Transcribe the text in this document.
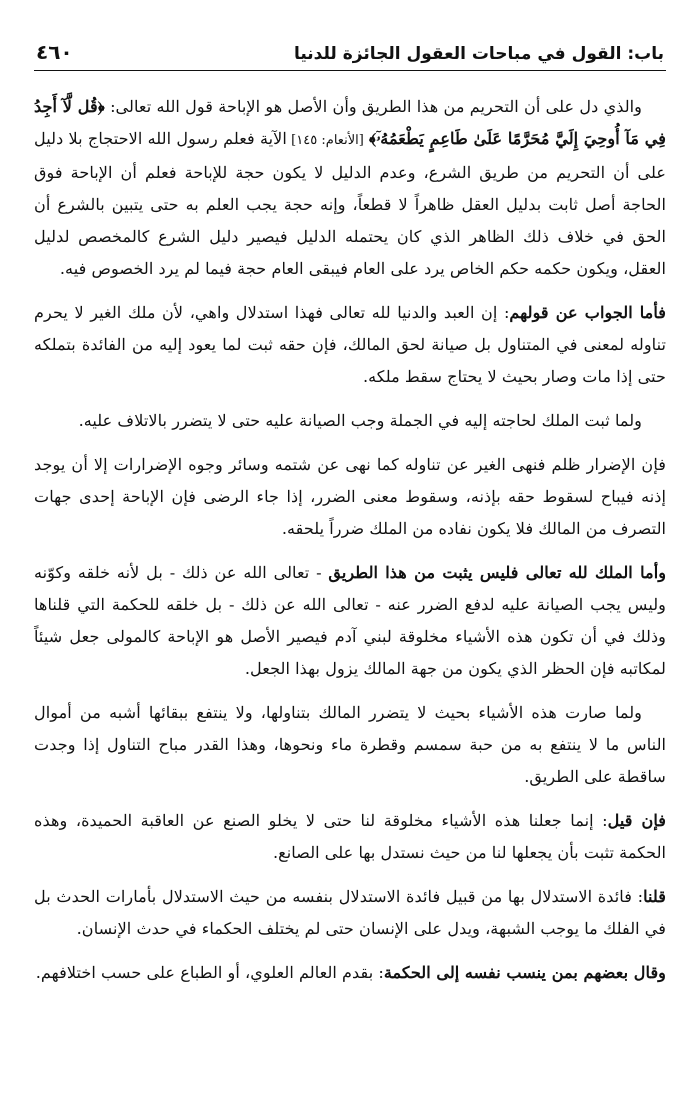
باب: القول في مباحات العقول الجائزة للدنيا
٤٦٠

والذي دل على أن التحريم من هذا الطريق وأن الأصل هو الإباحة قول الله تعالى: ﴿قُل لَّآ أَجِدُ فِي مَآ أُوحِيَ إِلَيَّ مُحَرَّمًا عَلَىٰ طَاعِمٍ يَطْعَمُهُۥٓ﴾ [الأنعام: ١٤٥] الآية فعلم رسول الله الاحتجاج بلا دليل على أن التحريم من طريق الشرع، وعدم الدليل لا يكون حجة للإباحة فعلم أن الإباحة فوق الحاجة أصل ثابت بدليل العقل ظاهراً لا قطعاً، وإنه حجة يجب العلم به حتى يتبين بالشرع أن الحق في خلاف ذلك الظاهر الذي كان يحتمله الدليل فيصير دليل الشرع كالمخصص لدليل العقل، ويكون حكمه حكم الخاص يرد على العام فيبقى العام حجة فيما لم يرد الخصوص فيه.

فأما الجواب عن قولهم: إن العبد والدنيا لله تعالى فهذا استدلال واهي، لأن ملك الغير لا يحرم تناوله لمعنى في المتناول بل صيانة لحق المالك، فإن حقه ثبت لما يعود إليه من الفائدة بتملكه حتى إذا مات وصار بحيث لا يحتاج سقط ملكه.

ولما ثبت الملك لحاجته إليه في الجملة وجب الصيانة عليه حتى لا يتضرر بالاتلاف عليه.

فإن الإضرار ظلم فنهى الغير عن تناوله كما نهى عن شتمه وسائر وجوه الإضرارات إلا أن يوجد إذنه فيباح لسقوط حقه بإذنه، وسقوط معنى الضرر، إذا جاء الرضى فإن الإباحة إحدى جهات التصرف من المالك فلا يكون نفاده من الملك ضرراً يلحقه.

وأما الملك لله تعالى فليس يثبت من هذا الطريق - تعالى الله عن ذلك - بل لأنه خلقه وكوّنه وليس يجب الصيانة عليه لدفع الضرر عنه - تعالى الله عن ذلك - بل خلقه للحكمة التي قلناها وذلك في أن تكون هذه الأشياء مخلوقة لبني آدم فيصير الأصل هو الإباحة كالمولى جعل شيئاً لمكاتبه فإن الحظر الذي يكون من جهة المالك يزول بهذا الجعل.

ولما صارت هذه الأشياء بحيث لا يتضرر المالك بتناولها، ولا ينتفع ببقائها أشبه من أموال الناس ما لا ينتفع به من حبة سمسم وقطرة ماء ونحوها، وهذا القدر مباح التناول إذا وجدت ساقطة على الطريق.

فإن قيل: إنما جعلنا هذه الأشياء مخلوقة لنا حتى لا يخلو الصنع عن العاقبة الحميدة، وهذه الحكمة تثبت بأن يجعلها لنا من حيث نستدل بها على الصانع.

قلنا: فائدة الاستدلال بها من قبيل فائدة الاستدلال بنفسه من حيث الاستدلال بأمارات الحدث بل في الفلك ما يوجب الشبهة، ويدل على الإنسان حتى لم يختلف الحكماء في حدث الإنسان.

وقال بعضهم بمن ينسب نفسه إلى الحكمة: بقدم العالم العلوي، أو الطباع على حسب اختلافهم.
